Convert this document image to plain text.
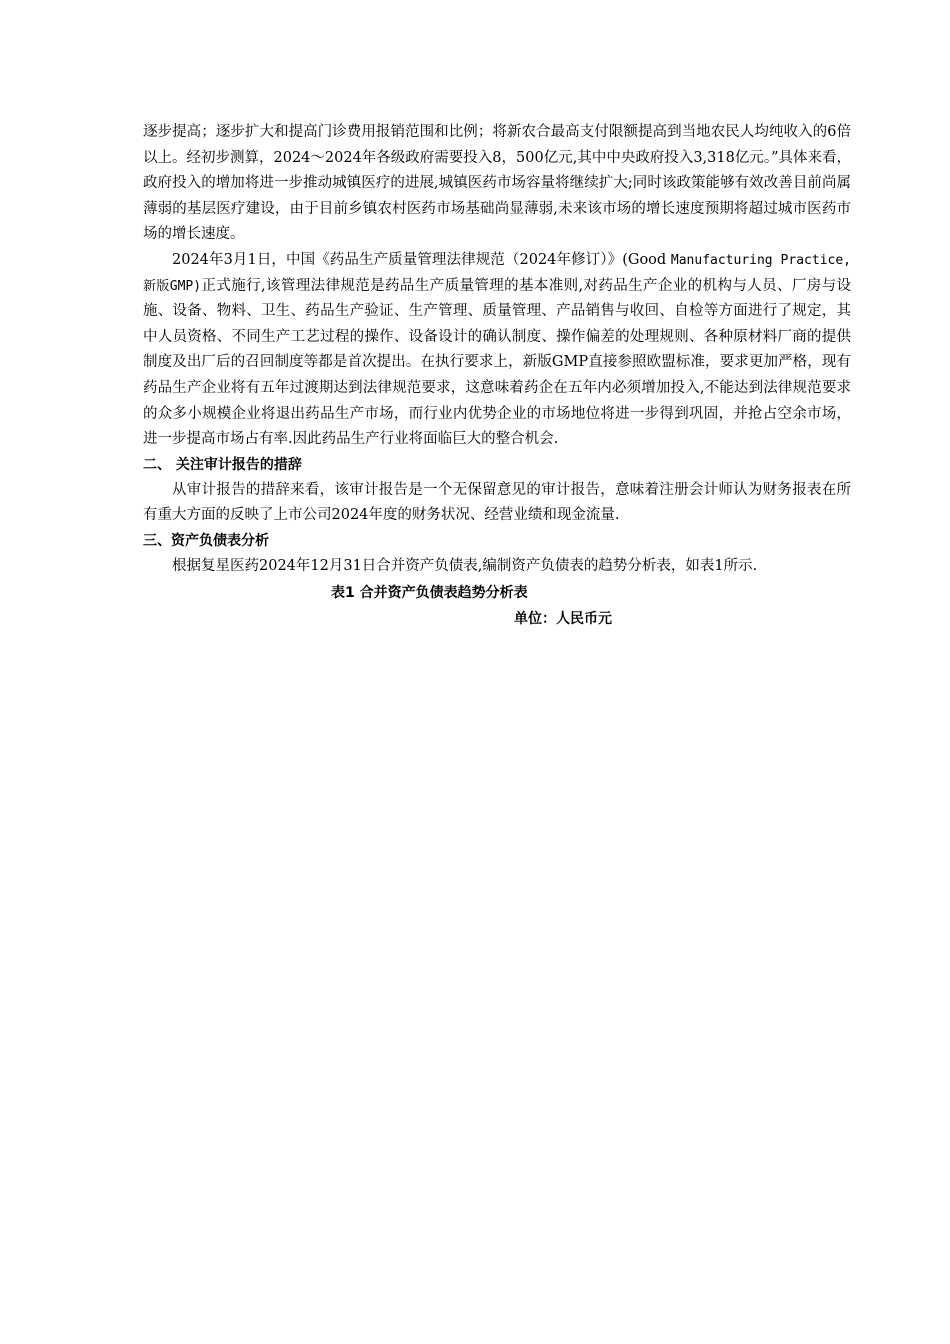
逐步提高；逐步扩大和提高门诊费用报销范围和比例；将新农合最高支付限额提高到当地农民人均纯收入的6倍以上。经初步测算，2024～2024年各级政府需要投入8，500亿元,其中中央政府投入3,318亿元。”具体来看，政府投入的增加将进一步推动城镇医疗的进展,城镇医药市场容量将继续扩大;同时该政策能够有效改善目前尚属薄弱的基层医疗建设，由于目前乡镇农村医药市场基础尚显薄弱,未来该市场的增长速度预期将超过城市医药市场的增长速度。

2024年3月1日，中国《药品生产质量管理法律规范（2024年修订）》(Good Manufacturing Practice,新版GMP)正式施行,该管理法律规范是药品生产质量管理的基本准则,对药品生产企业的机构与人员、厂房与设施、设备、物料、卫生、药品生产验证、生产管理、质量管理、产品销售与收回、自检等方面进行了规定，其中人员资格、不同生产工艺过程的操作、设备设计的确认制度、操作偏差的处理规则、各种原材料厂商的提供制度及出厂后的召回制度等都是首次提出。在执行要求上，新版GMP直接参照欧盟标准，要求更加严格，现有药品生产企业将有五年过渡期达到法律规范要求，这意味着药企在五年内必须增加投入,不能达到法律规范要求的众多小规模企业将退出药品生产市场，而行业内优势企业的市场地位将进一步得到巩固，并抢占空余市场，进一步提高市场占有率.因此药品生产行业将面临巨大的整合机会.

二、 关注审计报告的措辞

从审计报告的措辞来看，该审计报告是一个无保留意见的审计报告，意味着注册会计师认为财务报表在所有重大方面的反映了上市公司2024年度的财务状况、经营业绩和现金流量.

三、资产负债表分析

根据复星医药2024年12月31日合并资产负债表,编制资产负债表的趋势分析表，如表1所示.

表1 合并资产负债表趋势分析表

单位：人民币元
